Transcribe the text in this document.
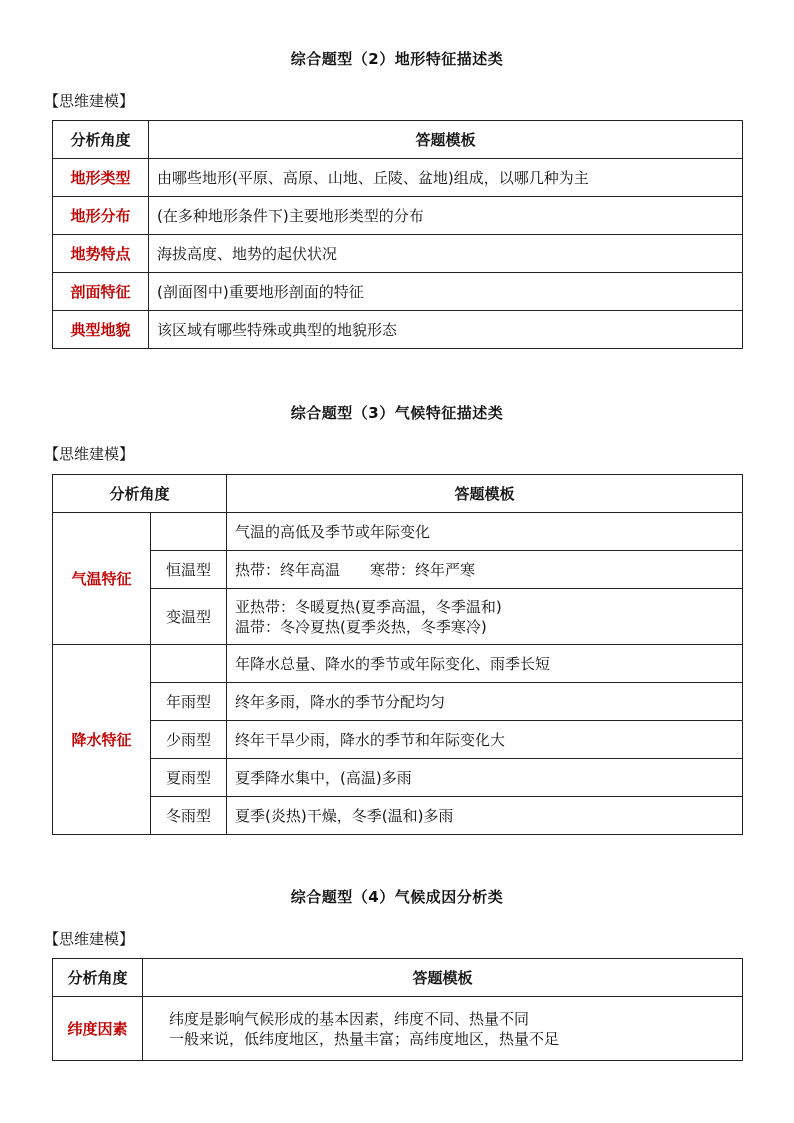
综合题型（2）地形特征描述类
【思维建模】
分析角度	答题模板
地形类型	由哪些地形(平原、高原、山地、丘陵、盆地)组成，以哪几种为主
地形分布	(在多种地形条件下)主要地形类型的分布
地势特点	海拔高度、地势的起伏状况
剖面特征	(剖面图中)重要地形剖面的特征
典型地貌	该区域有哪些特殊或典型的地貌形态
综合题型（3）气候特征描述类
【思维建模】
分析角度		答题模板
气温特征		气温的高低及季节或年际变化
	恒温型	热带：终年高温　　寒带：终年严寒
	变温型	亚热带：冬暖夏热(夏季高温，冬季温和)
温带：冬冷夏热(夏季炎热，冬季寒冷)

降水特征		年降水总量、降水的季节或年际变化、雨季长短
	年雨型	终年多雨，降水的季节分配均匀
	少雨型	终年干旱少雨，降水的季节和年际变化大
	夏雨型	夏季降水集中，(高温)多雨
	冬雨型	夏季(炎热)干燥，冬季(温和)多雨
综合题型（4）气候成因分析类
【思维建模】
分析角度	答题模板
纬度因素	纬度是影响气候形成的基本因素，纬度不同、热量不同
一般来说，低纬度地区，热量丰富；高纬度地区，热量不足
